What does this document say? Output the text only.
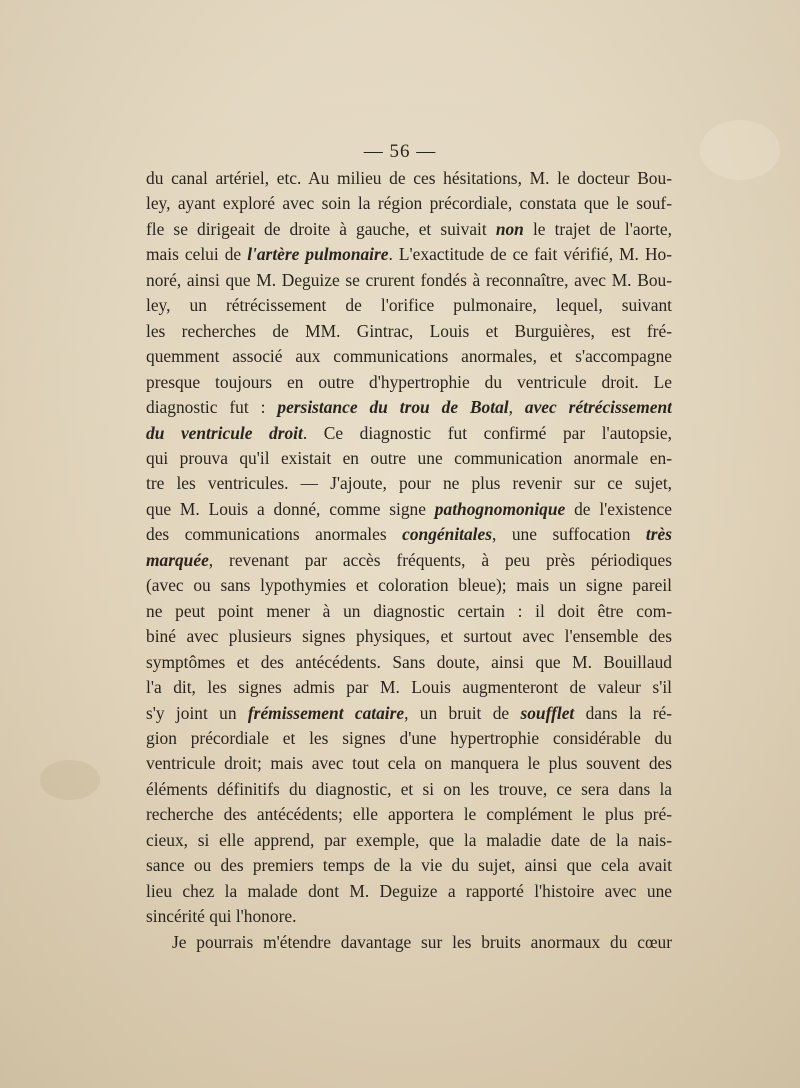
— 56 —
du canal artériel, etc. Au milieu de ces hésitations, M. le docteur Bou-
ley, ayant exploré avec soin la région précordiale, constata que le souf-
fle se dirigeait de droite à gauche, et suivait non le trajet de l'aorte,
mais celui de l'artère pulmonaire. L'exactitude de ce fait vérifié, M. Ho-
noré, ainsi que M. Deguize se crurent fondés à reconnaître, avec M. Bou-
ley, un rétrécissement de l'orifice pulmonaire, lequel, suivant
les recherches de MM. Gintrac, Louis et Burguières, est fré-
quemment associé aux communications anormales, et s'accompagne
presque toujours en outre d'hypertrophie du ventricule droit. Le
diagnostic fut : persistance du trou de Botal, avec rétrécissement
du ventricule droit. Ce diagnostic fut confirmé par l'autopsie,
qui prouva qu'il existait en outre une communication anormale en-
tre les ventricules. — J'ajoute, pour ne plus revenir sur ce sujet,
que M. Louis a donné, comme signe pathognomonique de l'existence
des communications anormales congénitales, une suffocation très
marquée, revenant par accès fréquents, à peu près périodiques
(avec ou sans lypothymies et coloration bleue); mais un signe pareil
ne peut point mener à un diagnostic certain : il doit être com-
biné avec plusieurs signes physiques, et surtout avec l'ensemble des
symptômes et des antécédents. Sans doute, ainsi que M. Bouillaud
l'a dit, les signes admis par M. Louis augmenteront de valeur s'il
s'y joint un frémissement cataire, un bruit de soufflet dans la ré-
gion précordiale et les signes d'une hypertrophie considérable du
ventricule droit; mais avec tout cela on manquera le plus souvent des
éléments définitifs du diagnostic, et si on les trouve, ce sera dans la
recherche des antécédents; elle apportera le complément le plus pré-
cieux, si elle apprend, par exemple, que la maladie date de la nais-
sance ou des premiers temps de la vie du sujet, ainsi que cela avait
lieu chez la malade dont M. Deguize a rapporté l'histoire avec une
sincérité qui l'honore.
Je pourrais m'étendre davantage sur les bruits anormaux du cœur
